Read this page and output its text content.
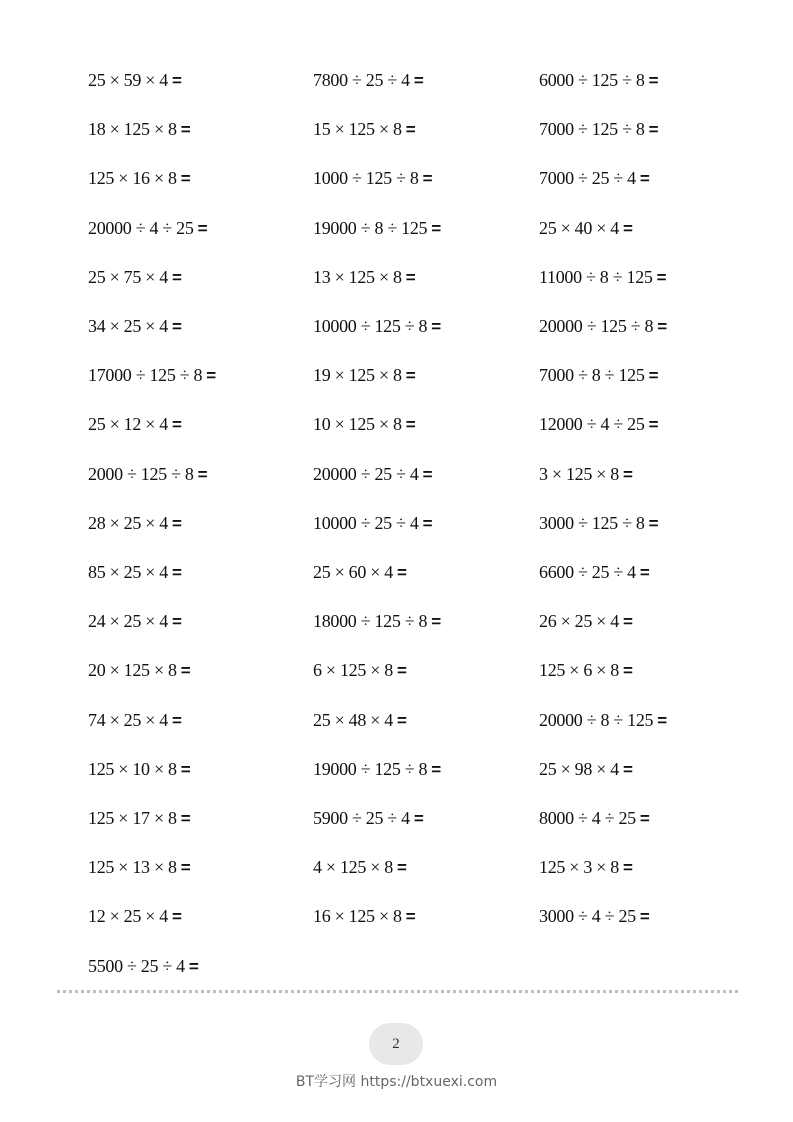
25 × 59 × 4 =	7800 ÷ 25 ÷ 4 =	6000 ÷ 125 ÷ 8 =
18 × 125 × 8 =	15 × 125 × 8 =	7000 ÷ 125 ÷ 8 =
125 × 16 × 8 =	1000 ÷ 125 ÷ 8 =	7000 ÷ 25 ÷ 4 =
20000 ÷ 4 ÷ 25 =	19000 ÷ 8 ÷ 125 =	25 × 40 × 4 =
25 × 75 × 4 =	13 × 125 × 8 =	11000 ÷ 8 ÷ 125 =
34 × 25 × 4 =	10000 ÷ 125 ÷ 8 =	20000 ÷ 125 ÷ 8 =
17000 ÷ 125 ÷ 8 =	19 × 125 × 8 =	7000 ÷ 8 ÷ 125 =
25 × 12 × 4 =	10 × 125 × 8 =	12000 ÷ 4 ÷ 25 =
2000 ÷ 125 ÷ 8 =	20000 ÷ 25 ÷ 4 =	3 × 125 × 8 =
28 × 25 × 4 =	10000 ÷ 25 ÷ 4 =	3000 ÷ 125 ÷ 8 =
85 × 25 × 4 =	25 × 60 × 4 =	6600 ÷ 25 ÷ 4 =
24 × 25 × 4 =	18000 ÷ 125 ÷ 8 =	26 × 25 × 4 =
20 × 125 × 8 =	6 × 125 × 8 =	125 × 6 × 8 =
74 × 25 × 4 =	25 × 48 × 4 =	20000 ÷ 8 ÷ 125 =
125 × 10 × 8 =	19000 ÷ 125 ÷ 8 =	25 × 98 × 4 =
125 × 17 × 8 =	5900 ÷ 25 ÷ 4 =	8000 ÷ 4 ÷ 25 =
125 × 13 × 8 =	4 × 125 × 8 =	125 × 3 × 8 =
12 × 25 × 4 =	16 × 125 × 8 =	3000 ÷ 4 ÷ 25 =
5500 ÷ 25 ÷ 4 =
2
BT学习网 https://btxuexi.com
